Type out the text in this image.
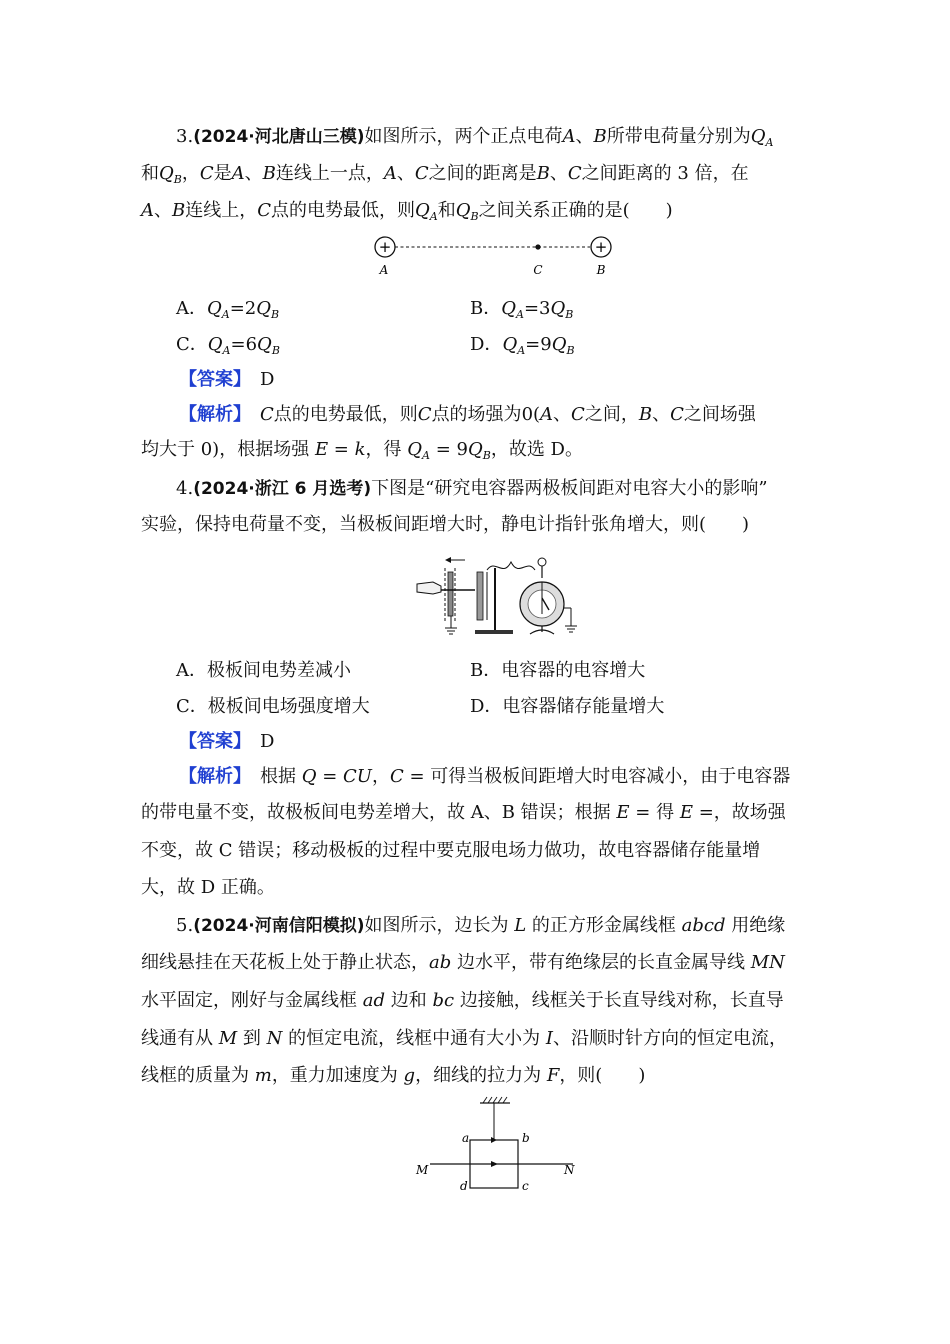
3.(2024·河北唐山三模)如图所示，两个正点电荷A、B所带电荷量分别为$Q_A$
和$Q_B$，C是A、B连线上一点，A、C之间的距离是B、C之间距离的 3 倍，在
A、B连线上，C点的电势最低，则$Q_A$和$Q_B$之间关系正确的是(　　)
+	+
A	C	B
A．$Q_A=2Q_B$	B．$Q_A=3Q_B$
C．$Q_A=6Q_B$	D．$Q_A=9Q_B$
【答案】　 D
【解析】　 C点的电势最低，则C点的场强为0(A、C之间，B、C之间场强
均大于 0)，根据场强 E = k，得 $Q_A = 9Q_B$，故选 D。
4.(2024·浙江 6 月选考)下图是“研究电容器两极板间距对电容大小的影响”
实验，保持电荷量不变，当极板间距增大时，静电计指针张角增大，则(　　)
A．极板间电势差减小	B．电容器的电容增大
C．极板间电场强度增大	D．电容器储存能量增大
【答案】　 D
【解析】　 根据 Q = CU，C = 可得当极板间距增大时电容减小，由于电容器
的带电量不变，故极板间电势差增大，故 A、B 错误；根据 E = 得 E =，故场强
不变，故 C 错误；移动极板的过程中要克服电场力做功，故电容器储存能量增
大，故 D 正确。
5.(2024·河南信阳模拟)如图所示，边长为 L 的正方形金属线框 abcd 用绝缘
细线悬挂在天花板上处于静止状态，ab 边水平，带有绝缘层的长直金属导线 MN
水平固定，刚好与金属线框 ad 边和 bc 边接触，线框关于长直导线对称，长直导
线通有从 M 到 N 的恒定电流，线框中通有大小为 I、沿顺时针方向的恒定电流，
线框的质量为 m，重力加速度为 g，细线的拉力为 F，则(　　)
a	b
c
d
M	N
